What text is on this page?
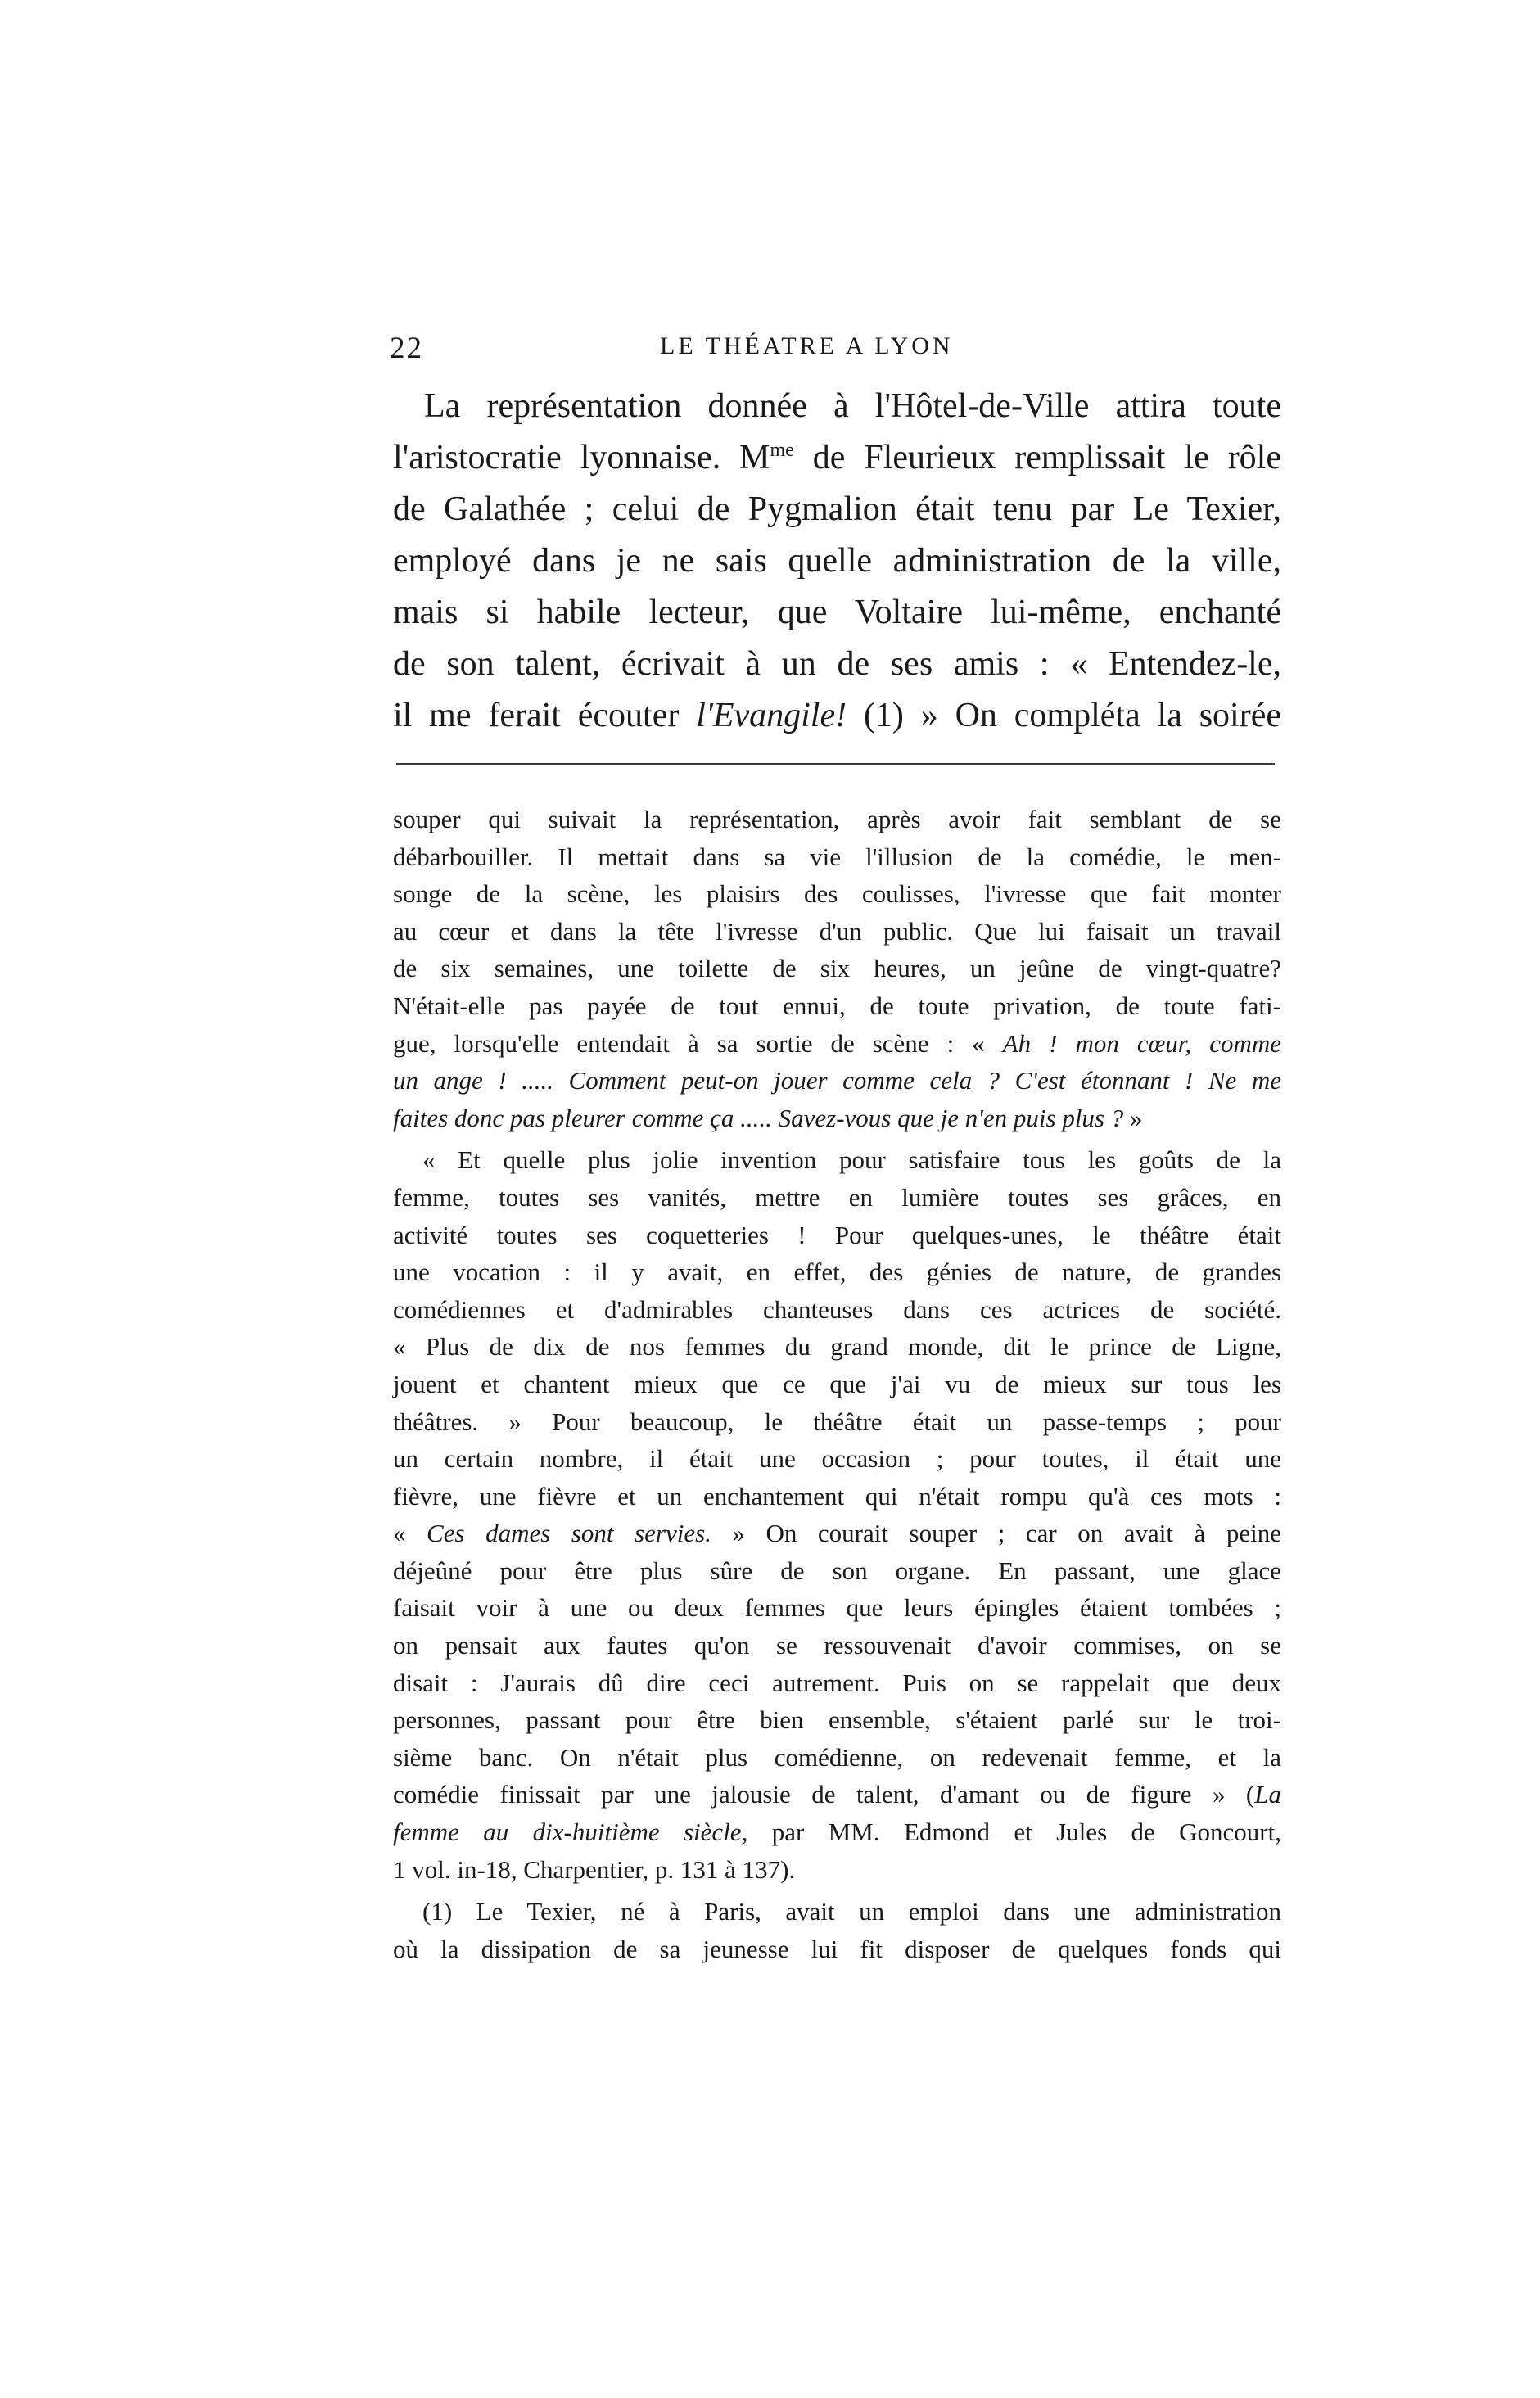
22	LE THÉATRE A LYON

La représentation donnée à l'Hôtel-de-Ville attira toute
l'aristocratie lyonnaise. $M^{me}$ de Fleurieux remplissait le rôle
de Galathée ; celui de Pygmalion était tenu par Le Texier,
employé dans je ne sais quelle administration de la ville,
mais si habile lecteur, que Voltaire lui-même, enchanté
de son talent, écrivait à un de ses amis : « Entendez-le,
il me ferait écouter l'Evangile! (1) » On compléta la soirée

souper qui suivait la représentation, après avoir fait semblant de se
débarbouiller. Il mettait dans sa vie l'illusion de la comédie, le men-
songe de la scène, les plaisirs des coulisses, l'ivresse que fait monter
au cœur et dans la tête l'ivresse d'un public. Que lui faisait un travail
de six semaines, une toilette de six heures, un jeûne de vingt-quatre?
N'était-elle pas payée de tout ennui, de toute privation, de toute fati-
gue, lorsqu'elle entendait à sa sortie de scène : « Ah ! mon cœur, comme
un ange ! ..... Comment peut-on jouer comme cela ? C'est étonnant ! Ne me
faites donc pas pleurer comme ça ..... Savez-vous que je n'en puis plus ? »
« Et quelle plus jolie invention pour satisfaire tous les goûts de la
femme, toutes ses vanités, mettre en lumière toutes ses grâces, en
activité toutes ses coquetteries ! Pour quelques-unes, le théâtre était
une vocation : il y avait, en effet, des génies de nature, de grandes
comédiennes et d'admirables chanteuses dans ces actrices de société.
« Plus de dix de nos femmes du grand monde, dit le prince de Ligne,
jouent et chantent mieux que ce que j'ai vu de mieux sur tous les
théâtres. » Pour beaucoup, le théâtre était un passe-temps ; pour
un certain nombre, il était une occasion ; pour toutes, il était une
fièvre, une fièvre et un enchantement qui n'était rompu qu'à ces mots :
« Ces dames sont servies. » On courait souper ; car on avait à peine
déjeûné pour être plus sûre de son organe. En passant, une glace
faisait voir à une ou deux femmes que leurs épingles étaient tombées ;
on pensait aux fautes qu'on se ressouvenait d'avoir commises, on se
disait : J'aurais dû dire ceci autrement. Puis on se rappelait que deux
personnes, passant pour être bien ensemble, s'étaient parlé sur le troi-
sième banc. On n'était plus comédienne, on redevenait femme, et la
comédie finissait par une jalousie de talent, d'amant ou de figure » (La
femme au dix-huitième siècle, par MM. Edmond et Jules de Goncourt,
1 vol. in-18, Charpentier, p. 131 à 137).
(1) Le Texier, né à Paris, avait un emploi dans une administration
où la dissipation de sa jeunesse lui fit disposer de quelques fonds qui
